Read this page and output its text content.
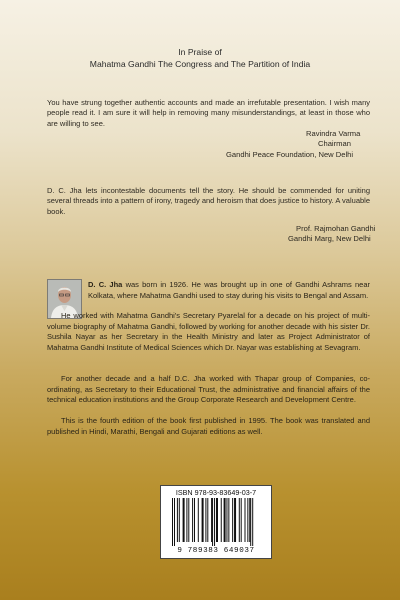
In Praise of
Mahatma Gandhi The Congress and The Partition of India
You have strung together authentic accounts and made an irrefutable presentation. I wish many people read it. I am sure it will help in removing many misunderstandings, at least in those who are willing to see.
Ravindra Varma
Chairman
Gandhi Peace Foundation, New Delhi
D. C. Jha lets incontestable documents tell the story. He should be commended for uniting several threads into a pattern of irony, tragedy and heroism that does justice to history. A valuable book.
Prof. Rajmohan Gandhi
Gandhi Marg, New Delhi
D. C. Jha was born in 1926. He was brought up in one of Gandhi Ashrams near Kolkata, where Mahatma Gandhi used to stay during his visits to Bengal and Assam.
He worked with Mahatma Gandhi's Secretary Pyarelal for a decade on his project of multi-volume biography of Mahatma Gandhi, followed by working for another decade with his sister Dr. Sushila Nayar as her Secretary in the Health Ministry and later as Project Administrator of Mahatma Gandhi Institute of Medical Sciences which Dr. Nayar was establishing at Sevagram.
For another decade and a half D.C. Jha worked with Thapar group of Companies, co-ordinating, as Secretary to their Educational Trust, the administrative and financial affairs of the technical education institutions and the Group Corporate Research and Development Centre.
This is the fourth edition of the book first published in 1995. The book was translated and published in Hindi, Marathi, Bengali and Gujarati editions as well.
ISBN 978-93-83649-03-7
9 789383 649037
